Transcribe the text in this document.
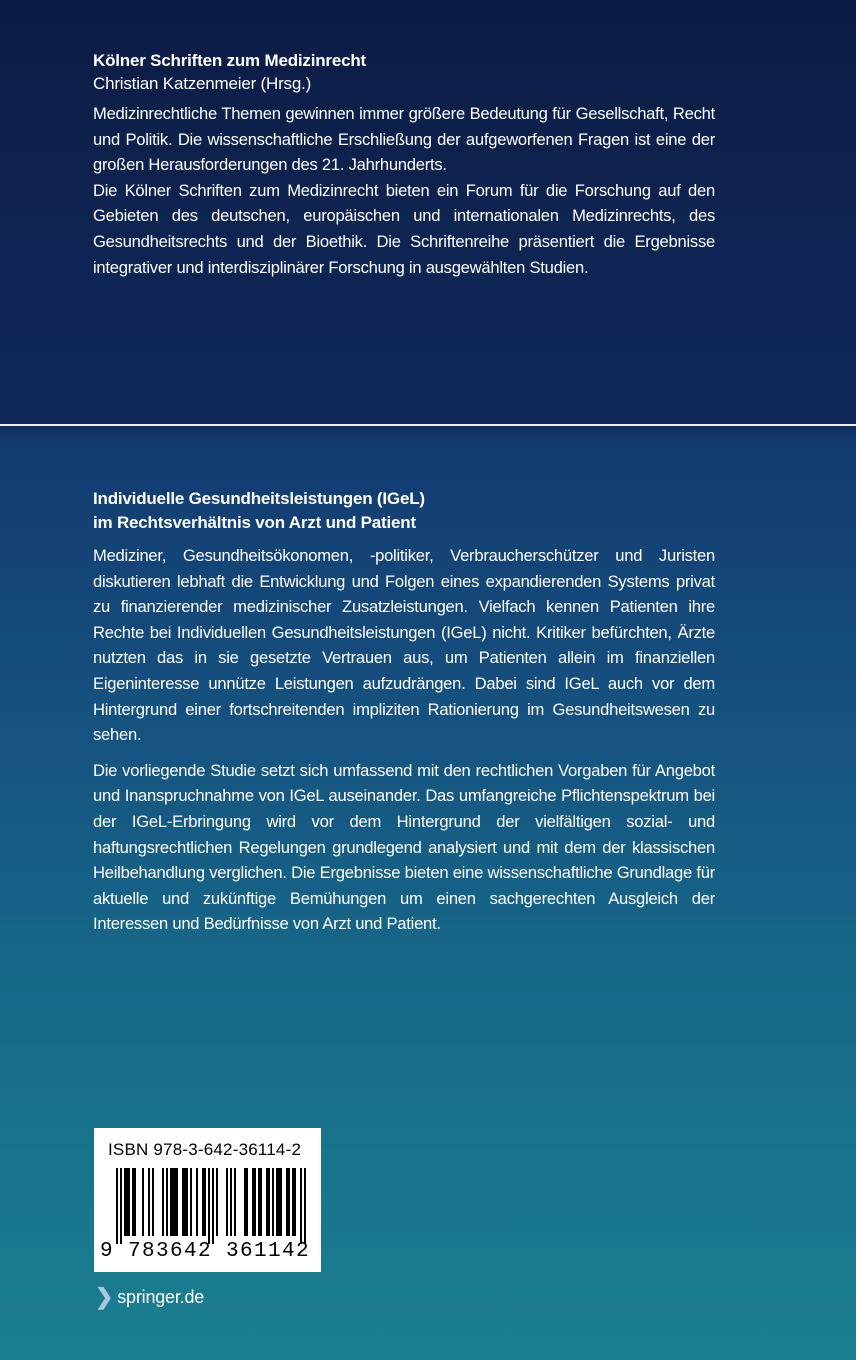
Kölner Schriften zum Medizinrecht
Christian Katzenmeier (Hrsg.)

Medizinrechtliche Themen gewinnen immer größere Bedeutung für Gesellschaft, Recht und Politik. Die wissenschaftliche Erschließung der aufgeworfenen Fragen ist eine der großen Herausforderungen des 21. Jahrhunderts.

Die Kölner Schriften zum Medizinrecht bieten ein Forum für die Forschung auf den Gebieten des deutschen, europäischen und internationalen Medizinrechts, des Gesundheitsrechts und der Bioethik. Die Schriftenreihe präsentiert die Ergebnisse integrativer und interdisziplinärer Forschung in ausgewählten Studien.

Individuelle Gesundheitsleistungen (IGeL)
im Rechtsverhältnis von Arzt und Patient

Mediziner, Gesundheitsökonomen, -politiker, Verbraucherschützer und Juristen diskutieren lebhaft die Entwicklung und Folgen eines expandierenden Systems privat zu finanzierender medizinischer Zusatzleistungen. Vielfach kennen Patienten ihre Rechte bei Individuellen Gesundheitsleistungen (IGeL) nicht. Kritiker befürchten, Ärzte nutzten das in sie gesetzte Vertrauen aus, um Patienten allein im finanziellen Eigeninteresse unnütze Leistungen aufzudrängen. Dabei sind IGeL auch vor dem Hintergrund einer fortschreitenden impliziten Rationierung im Gesundheitswesen zu sehen.

Die vorliegende Studie setzt sich umfassend mit den rechtlichen Vorgaben für Angebot und Inanspruchnahme von IGeL auseinander. Das umfangreiche Pflichtenspektrum bei der IGeL-Erbringung wird vor dem Hintergrund der vielfältigen sozial- und haftungsrechtlichen Regelungen grundlegend analysiert und mit dem der klassischen Heilbehandlung verglichen. Die Ergebnisse bieten eine wissenschaftliche Grundlage für aktuelle und zukünftige Bemühungen um einen sachgerechten Ausgleich der Interessen und Bedürfnisse von Arzt und Patient.

ISBN 978-3-642-36114-2
9 783642 361142
❯ springer.de
